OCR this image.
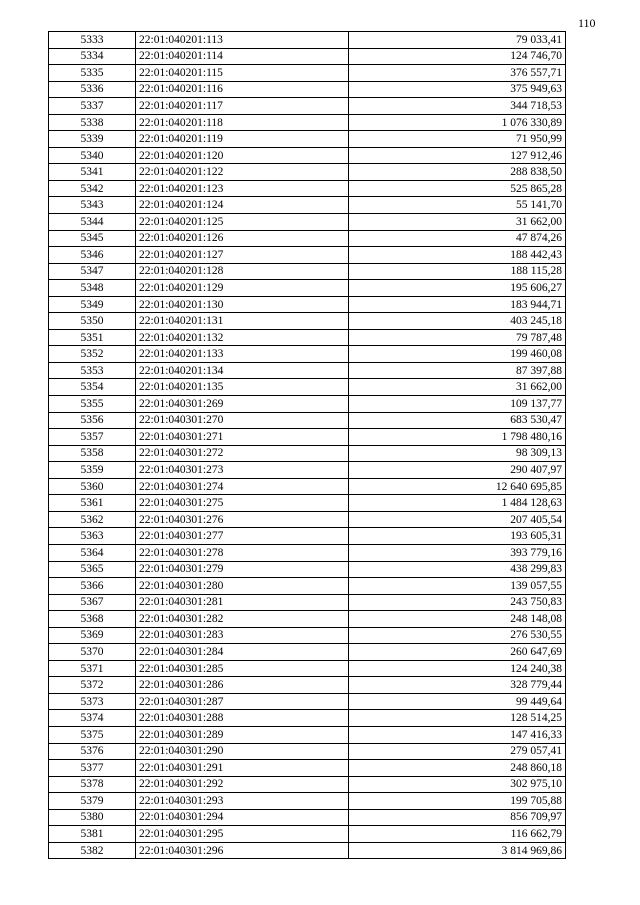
110
5333	22:01:040201:113	79 033,41
5334	22:01:040201:114	124 746,70
5335	22:01:040201:115	376 557,71
5336	22:01:040201:116	375 949,63
5337	22:01:040201:117	344 718,53
5338	22:01:040201:118	1 076 330,89
5339	22:01:040201:119	71 950,99
5340	22:01:040201:120	127 912,46
5341	22:01:040201:122	288 838,50
5342	22:01:040201:123	525 865,28
5343	22:01:040201:124	55 141,70
5344	22:01:040201:125	31 662,00
5345	22:01:040201:126	47 874,26
5346	22:01:040201:127	188 442,43
5347	22:01:040201:128	188 115,28
5348	22:01:040201:129	195 606,27
5349	22:01:040201:130	183 944,71
5350	22:01:040201:131	403 245,18
5351	22:01:040201:132	79 787,48
5352	22:01:040201:133	199 460,08
5353	22:01:040201:134	87 397,88
5354	22:01:040201:135	31 662,00
5355	22:01:040301:269	109 137,77
5356	22:01:040301:270	683 530,47
5357	22:01:040301:271	1 798 480,16
5358	22:01:040301:272	98 309,13
5359	22:01:040301:273	290 407,97
5360	22:01:040301:274	12 640 695,85
5361	22:01:040301:275	1 484 128,63
5362	22:01:040301:276	207 405,54
5363	22:01:040301:277	193 605,31
5364	22:01:040301:278	393 779,16
5365	22:01:040301:279	438 299,83
5366	22:01:040301:280	139 057,55
5367	22:01:040301:281	243 750,83
5368	22:01:040301:282	248 148,08
5369	22:01:040301:283	276 530,55
5370	22:01:040301:284	260 647,69
5371	22:01:040301:285	124 240,38
5372	22:01:040301:286	328 779,44
5373	22:01:040301:287	99 449,64
5374	22:01:040301:288	128 514,25
5375	22:01:040301:289	147 416,33
5376	22:01:040301:290	279 057,41
5377	22:01:040301:291	248 860,18
5378	22:01:040301:292	302 975,10
5379	22:01:040301:293	199 705,88
5380	22:01:040301:294	856 709,97
5381	22:01:040301:295	116 662,79
5382	22:01:040301:296	3 814 969,86
